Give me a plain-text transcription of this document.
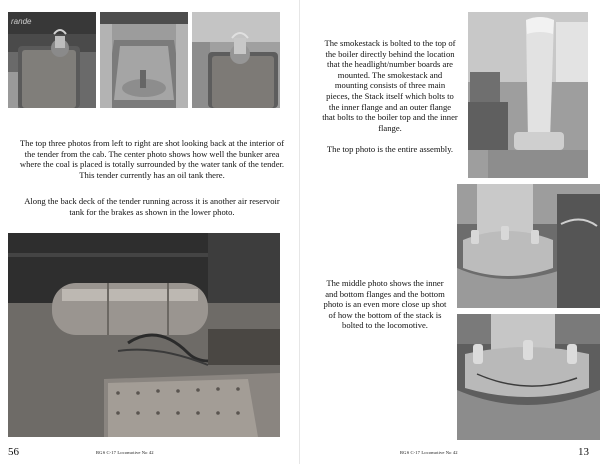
rande

The top three photos from left to right are shot looking back at the interior of the tender from the cab. The center photo shows how well the bunker area where the coal is placed is totally surrounded by the water tank of the tender. This tender currently has an oil tank there.

Along the back deck of the tender running across it is another air reservoir tank for the brakes as shown in the lower photo.

56	RGS C-17 Locomotive No 42

The smokestack is bolted to the top of the boiler directly behind the location that the headlight/number boards are mounted. The smokestack and mounting consists of three main pieces, the Stack itself which bolts to the inner flange and an outer flange that bolts to the boiler top and the inner flange.

The top photo is the entire assembly.

The middle photo shows the inner and bottom flanges and the bottom photo is an even more close up shot of how the bottom of the stack is bolted to the locomotive.

RGS C-17 Locomotive No 42	13
